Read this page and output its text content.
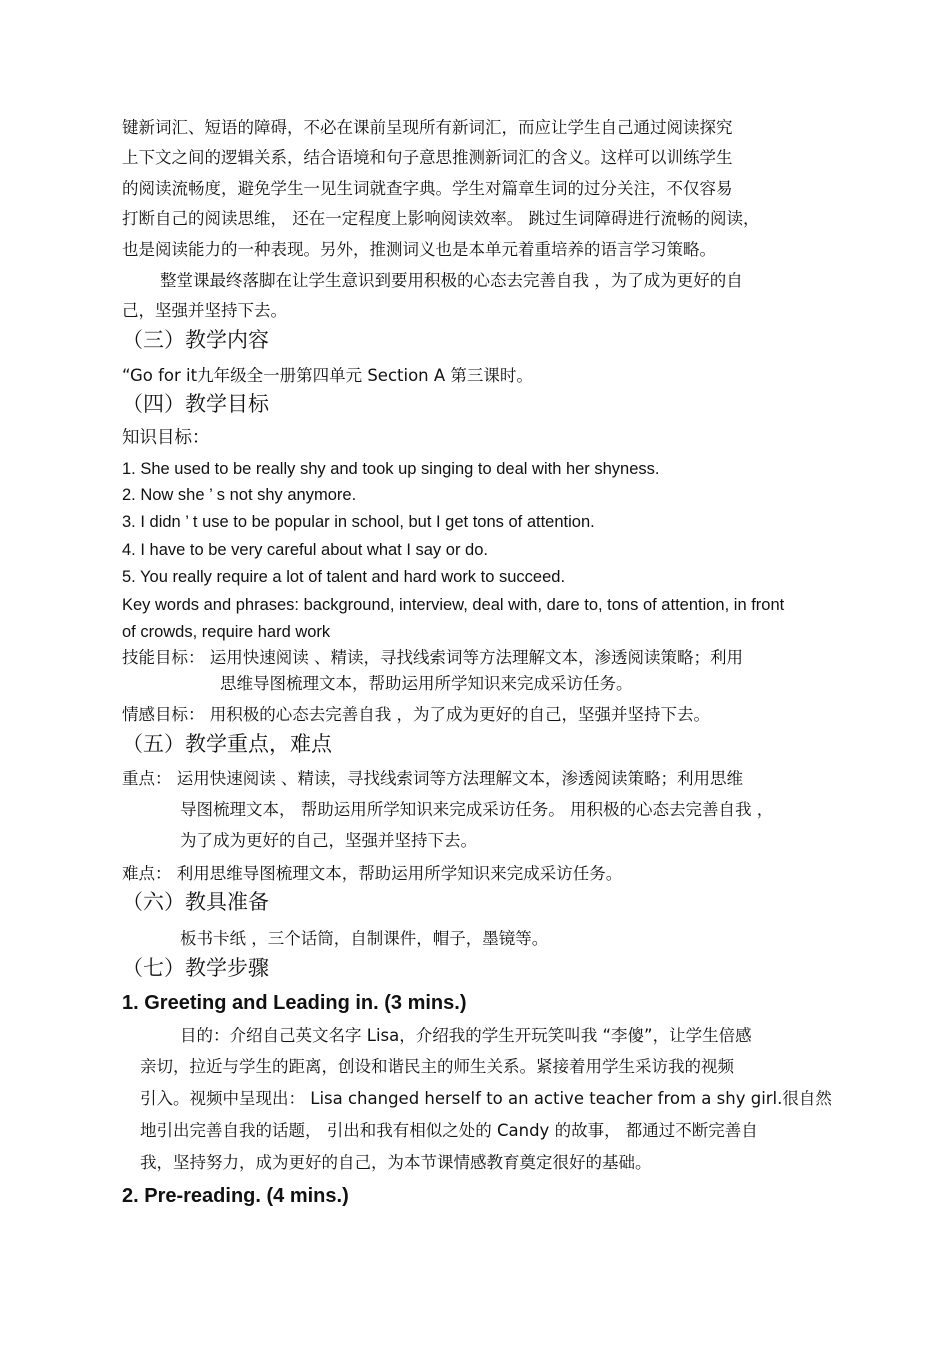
键新词汇、短语的障碍，不必在课前呈现所有新词汇，而应让学生自己通过阅读探究
上下文之间的逻辑关系，结合语境和句子意思推测新词汇的含义。这样可以训练学生
的阅读流畅度，避免学生一见生词就查字典。学生对篇章生词的过分关注，不仅容易
打断自己的阅读思维， 还在一定程度上影响阅读效率。 跳过生词障碍进行流畅的阅读，
也是阅读能力的一种表现。另外，推测词义也是本单元着重培养的语言学习策略。
整堂课最终落脚在让学生意识到要用积极的心态去完善自我 ，为了成为更好的自
己，坚强并坚持下去。
（三）教学内容
“Go for it九年级全一册第四单元 Section A 第三课时。
（四）教学目标
知识目标：
1. She used to be really shy and took up singing to deal with her shyness.
2. Now she ’ s not shy anymore.
3. I didn ’ t use to be popular in school, but I get tons of attention.
4. I have to be very careful about what I say or do.
5. You really require a lot of talent and hard work to succeed.
Key words and phrases: background, interview, deal with, dare to, tons of attention, in front
of crowds, require hard work
技能目标： 运用快速阅读 、精读，寻找线索词等方法理解文本，渗透阅读策略；利用
思维导图梳理文本，帮助运用所学知识来完成采访任务。
情感目标： 用积极的心态去完善自我 ，为了成为更好的自己，坚强并坚持下去。
（五）教学重点，难点
重点： 运用快速阅读 、精读，寻找线索词等方法理解文本，渗透阅读策略；利用思维
导图梳理文本， 帮助运用所学知识来完成采访任务。 用积极的心态去完善自我 ，
为了成为更好的自己，坚强并坚持下去。
难点： 利用思维导图梳理文本，帮助运用所学知识来完成采访任务。
（六）教具准备
板书卡纸 ，三个话筒，自制课件，帽子，墨镜等。
（七）教学步骤
1. Greeting and Leading in. (3 mins.)
目的：介绍自己英文名字 Lisa，介绍我的学生开玩笑叫我 “李傻”，让学生倍感
亲切，拉近与学生的距离，创设和谐民主的师生关系。紧接着用学生采访我的视频
引入。视频中呈现出： Lisa changed herself to an active teacher from a shy girl.很自然
地引出完善自我的话题， 引出和我有相似之处的 Candy 的故事， 都通过不断完善自
我，坚持努力，成为更好的自己，为本节课情感教育奠定很好的基础。
2. Pre-reading. (4 mins.)
